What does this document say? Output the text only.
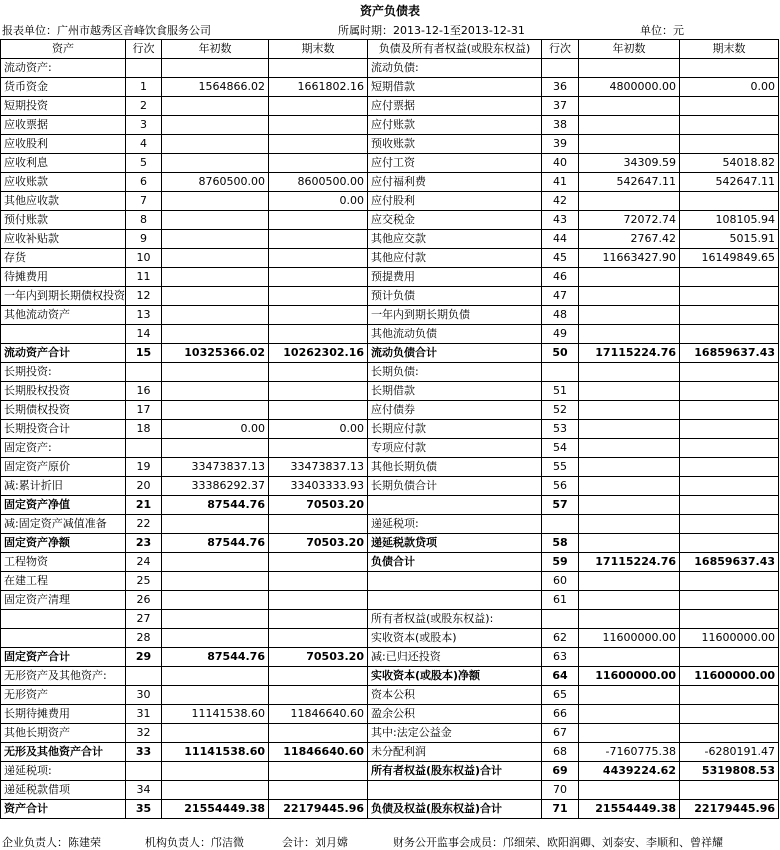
资产负债表
报表单位：广州市越秀区音峰饮食服务公司	所属时期：2013-12-1至2013-12-31	单位：元
资产	行次	年初数	期末数	负债及所有者权益(或股东权益)	行次	年初数	期末数
流动资产:				流动负债:			
货币资金	1	1564866.02	1661802.16	短期借款	36	4800000.00	0.00
短期投资	2			应付票据	37		
应收票据	3			应付账款	38		
应收股利	4			预收账款	39		
应收利息	5			应付工资	40	34309.59	54018.82
应收账款	6	8760500.00	8600500.00	应付福利费	41	542647.11	542647.11
其他应收款	7		0.00	应付股利	42		
预付账款	8			应交税金	43	72072.74	108105.94
应收补贴款	9			其他应交款	44	2767.42	5015.91
存货	10			其他应付款	45	11663427.90	16149849.65
待摊费用	11			预提费用	46		
一年内到期长期债权投资	12			预计负债	47		
其他流动资产	13			一年内到期长期负债	48		
	14			其他流动负债	49		
流动资产合计	15	10325366.02	10262302.16	流动负债合计	50	17115224.76	16859637.43
长期投资:				长期负债:			
长期股权投资	16			长期借款	51		
长期债权投资	17			应付债券	52		
长期投资合计	18	0.00	0.00	长期应付款	53		
固定资产:				专项应付款	54		
固定资产原价	19	33473837.13	33473837.13	其他长期负债	55		
减:累计折旧	20	33386292.37	33403333.93	长期负债合计	56		
固定资产净值	21	87544.76	70503.20		57		
减:固定资产减值准备	22			递延税项:			
固定资产净额	23	87544.76	70503.20	递延税款贷项	58		
工程物资	24			负债合计	59	17115224.76	16859637.43
在建工程	25				60		
固定资产清理	26				61		
	27			所有者权益(或股东权益):			
	28			实收资本(或股本)	62	11600000.00	11600000.00
固定资产合计	29	87544.76	70503.20	减:已归还投资	63		
无形资产及其他资产:				实收资本(或股本)净额	64	11600000.00	11600000.00
无形资产	30			资本公积	65		
长期待摊费用	31	11141538.60	11846640.60	盈余公积	66		
其他长期资产	32			其中:法定公益金	67		
无形及其他资产合计	33	11141538.60	11846640.60	未分配利润	68	-7160775.38	-6280191.47
递延税项:				所有者权益(股东权益)合计	69	4439224.62	5319808.53
递延税款借项	34				70		
资产合计	35	21554449.38	22179445.96	负债及权益(股东权益)合计	71	21554449.38	22179445.96
企业负责人：陈建荣	机构负责人：邝洁微	会计：刘月嫦	财务公开监事会成员：邝细荣、欧阳润卿、刘泰安、李顺和、曾祥耀
